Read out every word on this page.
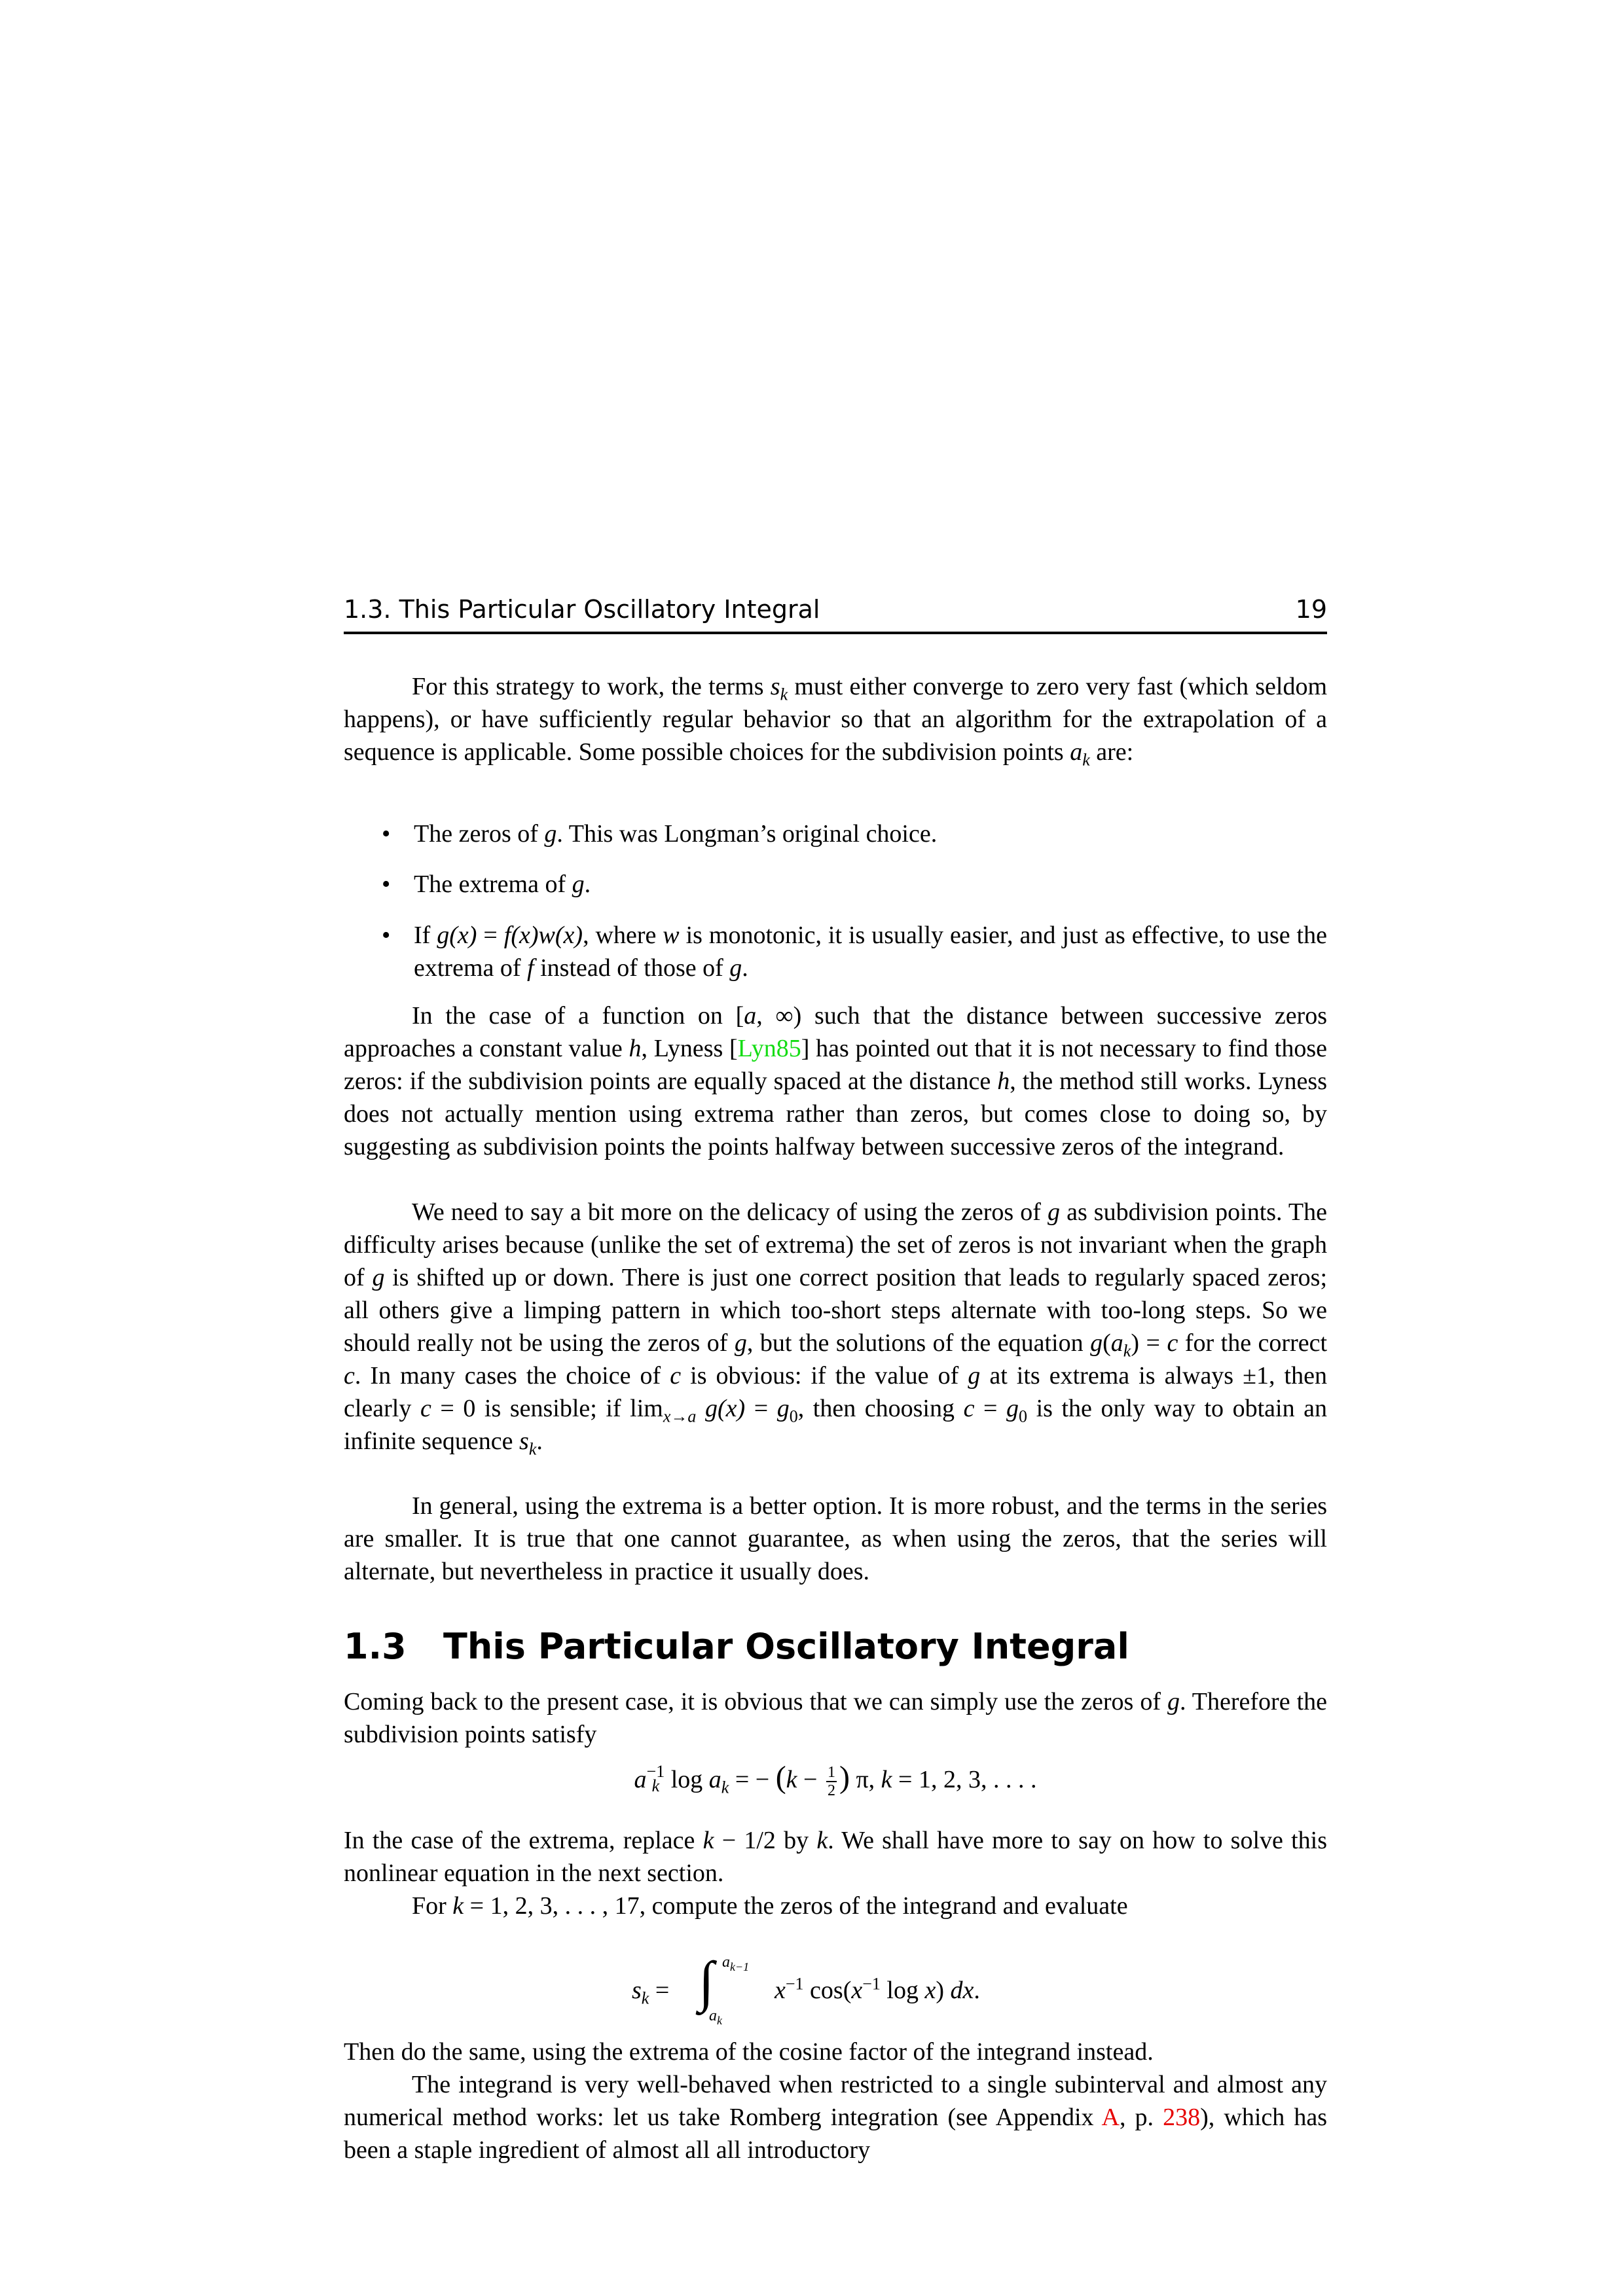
1.3. This Particular Oscillatory Integral	19

For this strategy to work, the terms $s_k$ must either converge to zero very fast (which seldom happens), or have sufficiently regular behavior so that an algorithm for the extrapolation of a sequence is applicable. Some possible choices for the subdivision points $a_k$ are:

• The zeros of g. This was Longman’s original choice.
• The extrema of g.
• If g(x) = f(x)w(x), where w is monotonic, it is usually easier, and just as effective, to use the extrema of f instead of those of g.

In the case of a function on [a, ∞) such that the distance between successive zeros approaches a constant value h, Lyness [Lyn85] has pointed out that it is not necessary to find those zeros: if the subdivision points are equally spaced at the distance h, the method still works. Lyness does not actually mention using extrema rather than zeros, but comes close to doing so, by suggesting as subdivision points the points halfway between successive zeros of the integrand.

We need to say a bit more on the delicacy of using the zeros of g as subdivision points. The difficulty arises because (unlike the set of extrema) the set of zeros is not invariant when the graph of g is shifted up or down. There is just one correct position that leads to regularly spaced zeros; all others give a limping pattern in which too-short steps alternate with too-long steps. So we should really not be using the zeros of g, but the solutions of the equation $g(a_k) = c$ for the correct c. In many cases the choice of c is obvious: if the value of g at its extrema is always ±1, then clearly c = 0 is sensible; if $\lim_{x\to a} g(x) = g_0$, then choosing $c = g_0$ is the only way to obtain an infinite sequence $s_k$.

In general, using the extrema is a better option. It is more robust, and the terms in the series are smaller. It is true that one cannot guarantee, as when using the zeros, that the series will alternate, but nevertheless in practice it usually does.

1.3 This Particular Oscillatory Integral

Coming back to the present case, it is obvious that we can simply use the zeros of g. Therefore the subdivision points satisfy

a −1
k $\log a_k$ = − ($k - \frac{1}{2}$ ) π, k = 1, 2, 3, . . . .

In the case of the extrema, replace k − 1/2 by k. We shall have more to say on how to solve this nonlinear equation in the next section.

For k = 1, 2, 3, . . . , 17, compute the zeros of the integrand and evaluate

$s_k$ = ∫ $a_{k-1}$
$a_k$
$x^{-1}$ $\cos(x^{-1}$ log x) dx.

Then do the same, using the extrema of the cosine factor of the integrand instead.

The integrand is very well-behaved when restricted to a single subinterval and almost any numerical method works: let us take Romberg integration (see Appendix A, p. 238), which has been a staple ingredient of almost all all introductory
